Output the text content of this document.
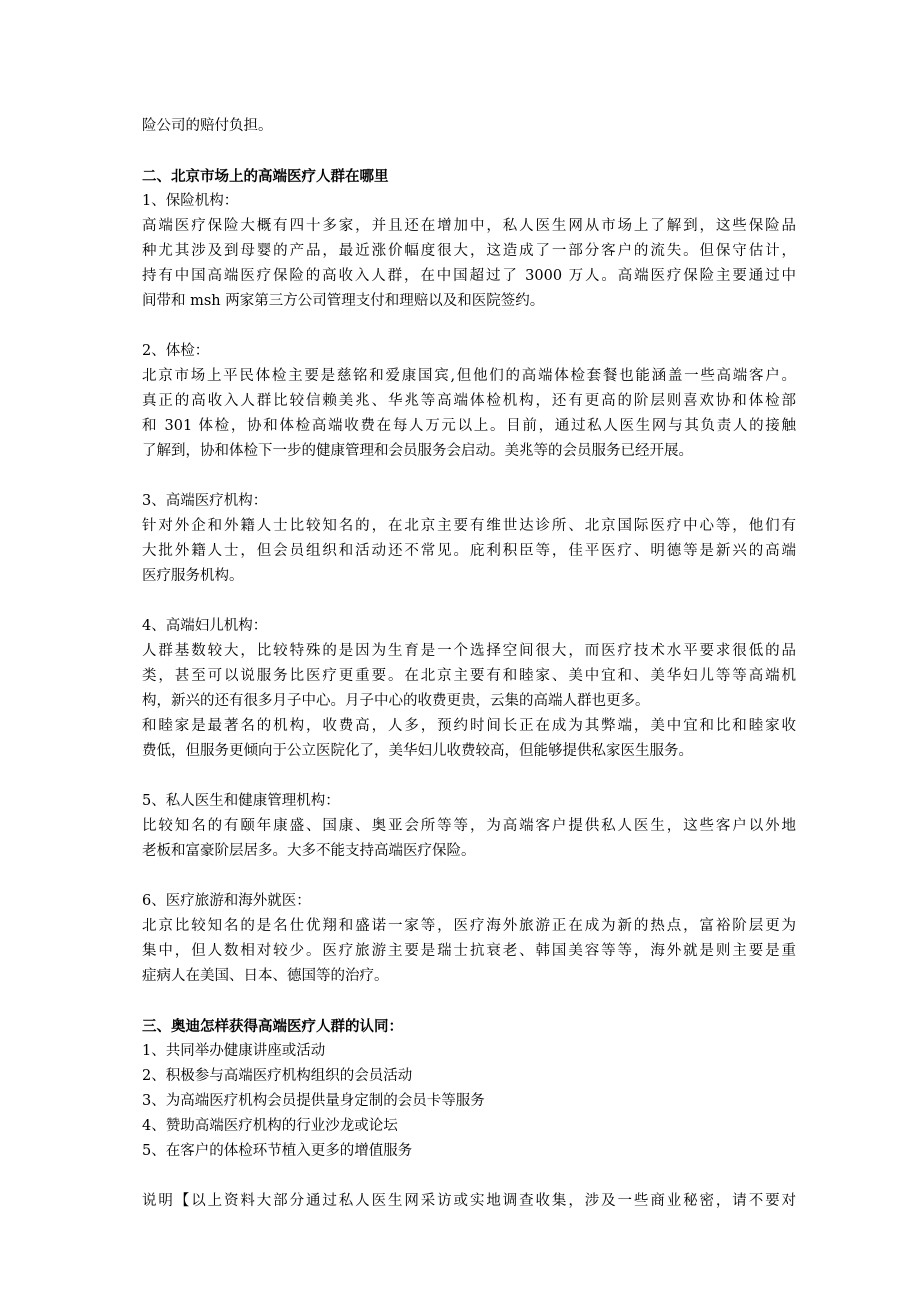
险公司的赔付负担。
二、北京市场上的高端医疗人群在哪里
1、保险机构：
高端医疗保险大概有四十多家，并且还在增加中，私人医生网从市场上了解到，这些保险品
种尤其涉及到母婴的产品，最近涨价幅度很大，这造成了一部分客户的流失。但保守估计，
持有中国高端医疗保险的高收入人群，在中国超过了 3000 万人。高端医疗保险主要通过中
间带和 msh 两家第三方公司管理支付和理赔以及和医院签约。
2、体检：
北京市场上平民体检主要是慈铭和爱康国宾,但他们的高端体检套餐也能涵盖一些高端客户。
真正的高收入人群比较信赖美兆、华兆等高端体检机构，还有更高的阶层则喜欢协和体检部
和 301 体检，协和体检高端收费在每人万元以上。目前，通过私人医生网与其负责人的接触
了解到，协和体检下一步的健康管理和会员服务会启动。美兆等的会员服务已经开展。
3、高端医疗机构：
针对外企和外籍人士比较知名的，在北京主要有维世达诊所、北京国际医疗中心等，他们有
大批外籍人士，但会员组织和活动还不常见。庇利积臣等，佳平医疗、明德等是新兴的高端
医疗服务机构。
4、高端妇儿机构：
人群基数较大，比较特殊的是因为生育是一个选择空间很大，而医疗技术水平要求很低的品
类，甚至可以说服务比医疗更重要。在北京主要有和睦家、美中宜和、美华妇儿等等高端机
构，新兴的还有很多月子中心。月子中心的收费更贵，云集的高端人群也更多。
和睦家是最著名的机构，收费高，人多，预约时间长正在成为其弊端，美中宜和比和睦家收
费低，但服务更倾向于公立医院化了，美华妇儿收费较高，但能够提供私家医生服务。
5、私人医生和健康管理机构：
比较知名的有颐年康盛、国康、奥亚会所等等，为高端客户提供私人医生，这些客户以外地
老板和富豪阶层居多。大多不能支持高端医疗保险。
6、医疗旅游和海外就医：
北京比较知名的是名仕优翔和盛诺一家等，医疗海外旅游正在成为新的热点，富裕阶层更为
集中，但人数相对较少。医疗旅游主要是瑞士抗衰老、韩国美容等等，海外就是则主要是重
症病人在美国、日本、德国等的治疗。
三、奥迪怎样获得高端医疗人群的认同：
1、共同举办健康讲座或活动
2、积极参与高端医疗机构组织的会员活动
3、为高端医疗机构会员提供量身定制的会员卡等服务
4、赞助高端医疗机构的行业沙龙或论坛
5、在客户的体检环节植入更多的增值服务
说明【以上资料大部分通过私人医生网采访或实地调查收集，涉及一些商业秘密，请不要对
